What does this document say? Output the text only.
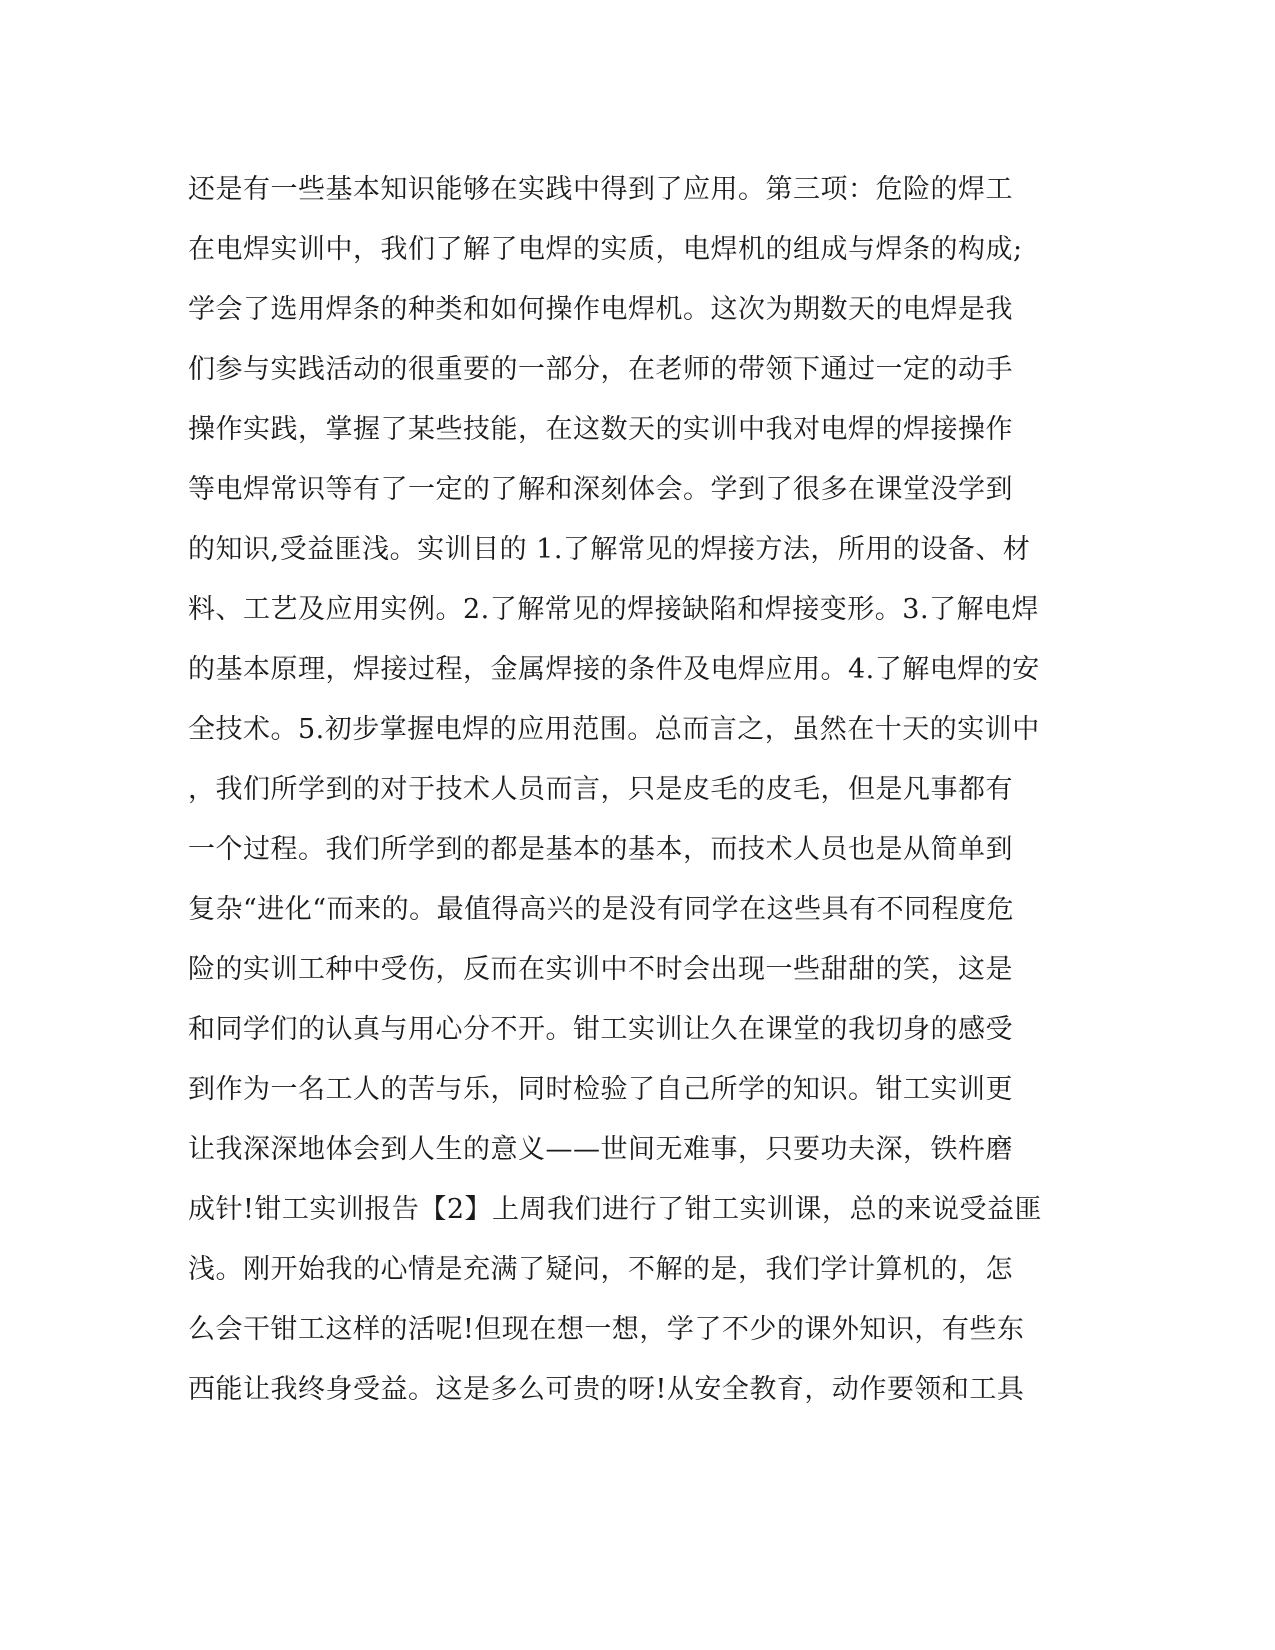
还是有一些基本知识能够在实践中得到了应用。第三项：危险的焊工
在电焊实训中，我们了解了电焊的实质，电焊机的组成与焊条的构成;
学会了选用焊条的种类和如何操作电焊机。这次为期数天的电焊是我
们参与实践活动的很重要的一部分，在老师的带领下通过一定的动手
操作实践，掌握了某些技能，在这数天的实训中我对电焊的焊接操作
等电焊常识等有了一定的了解和深刻体会。学到了很多在课堂没学到
的知识,受益匪浅。实训目的 1.了解常见的焊接方法，所用的设备、材
料、工艺及应用实例。2.了解常见的焊接缺陷和焊接变形。3.了解电焊
的基本原理，焊接过程，金属焊接的条件及电焊应用。4.了解电焊的安
全技术。5.初步掌握电焊的应用范围。总而言之，虽然在十天的实训中
，我们所学到的对于技术人员而言，只是皮毛的皮毛，但是凡事都有
一个过程。我们所学到的都是基本的基本，而技术人员也是从简单到
复杂“进化“而来的。最值得高兴的是没有同学在这些具有不同程度危
险的实训工种中受伤，反而在实训中不时会出现一些甜甜的笑，这是
和同学们的认真与用心分不开。钳工实训让久在课堂的我切身的感受
到作为一名工人的苦与乐，同时检验了自己所学的知识。钳工实训更
让我深深地体会到人生的意义——世间无难事，只要功夫深，铁杵磨
成针!钳工实训报告【2】上周我们进行了钳工实训课，总的来说受益匪
浅。刚开始我的心情是充满了疑问，不解的是，我们学计算机的，怎
么会干钳工这样的活呢!但现在想一想，学了不少的课外知识，有些东
西能让我终身受益。这是多么可贵的呀!从安全教育，动作要领和工具
